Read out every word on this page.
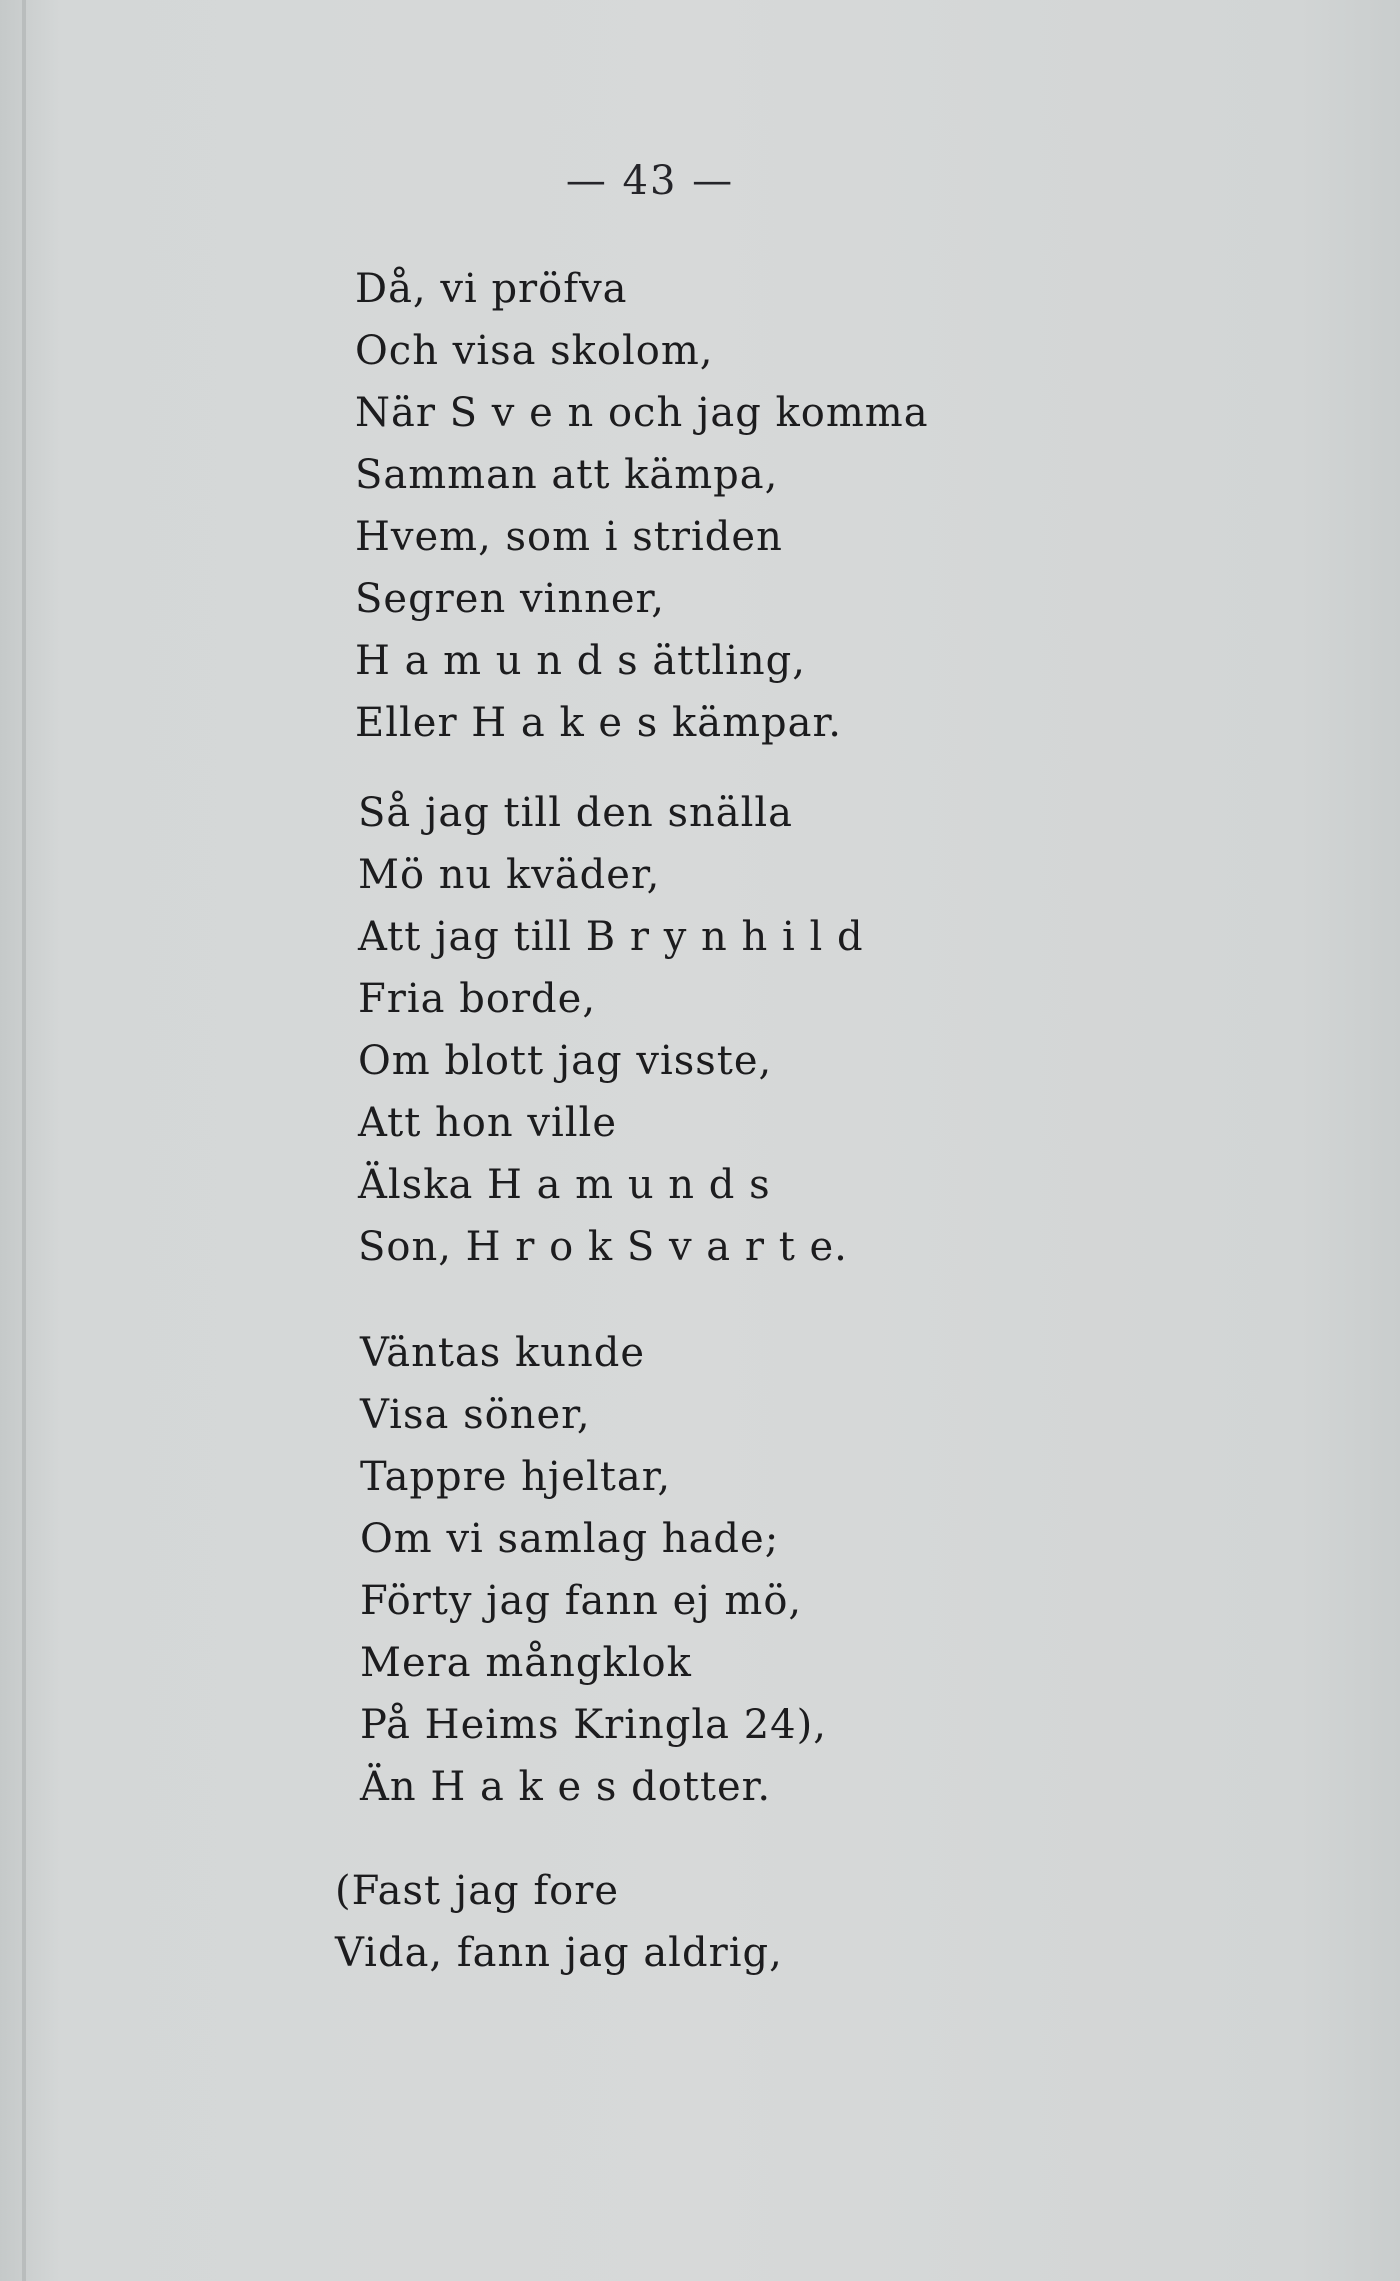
— 43 —
Då, vi pröfva
Och visa skolom,
När S v e n och jag komma
Samman att kämpa,
Hvem, som i striden
Segren vinner,
H a m u n d s ättling,
Eller H a k e s kämpar.
Så jag till den snälla
Mö nu kväder,
Att jag till B r y n h i l d
Fria borde,
Om blott jag visste,
Att hon ville
Älska H a m u n d s
Son, H r o k S v a r t e.
Väntas kunde
Visa söner,
Tappre hjeltar,
Om vi samlag hade;
Förty jag fann ej mö,
Mera mångklok
På Heims Kringla 24),
Än H a k e s dotter.
(Fast jag fore
Vida, fann jag aldrig,
